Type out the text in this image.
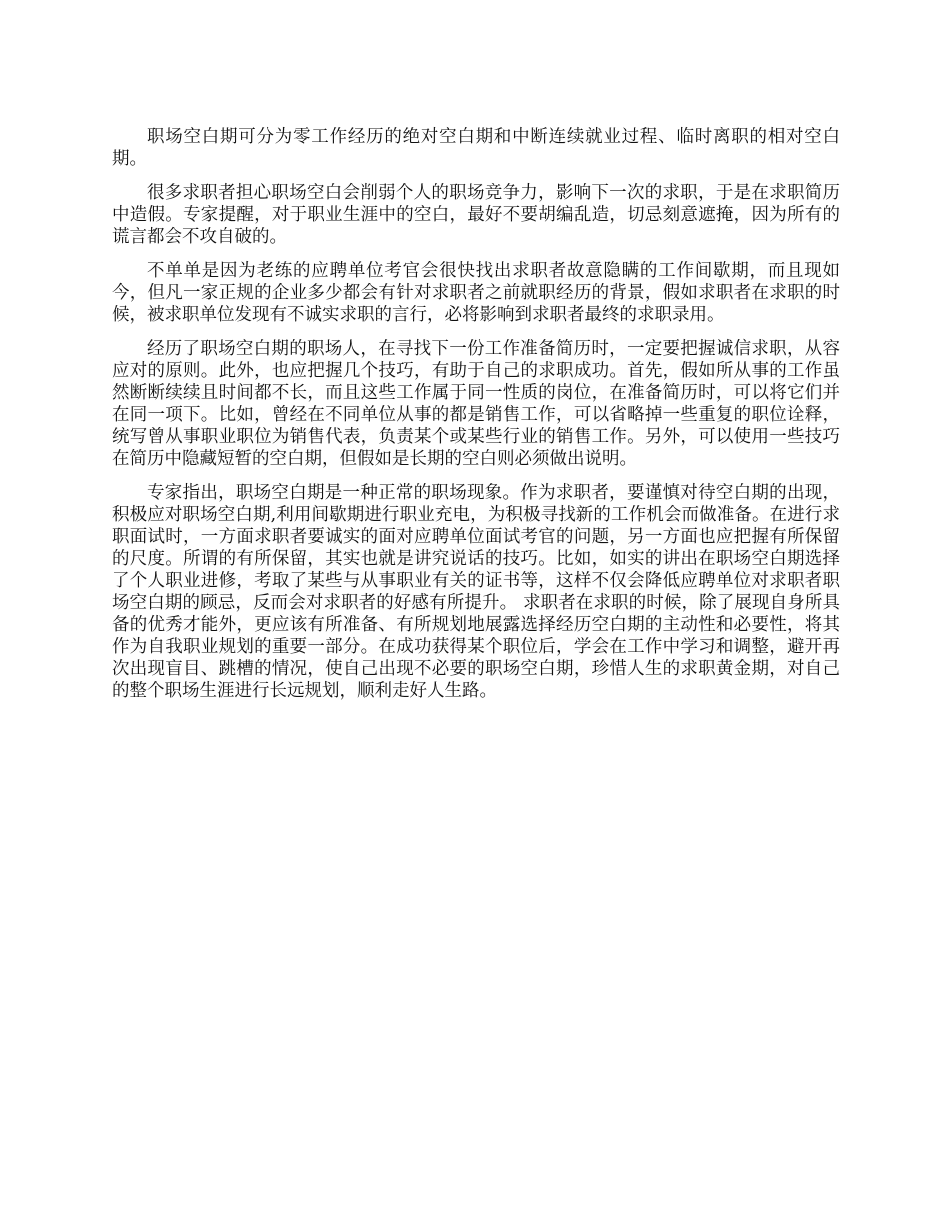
职场空白期可分为零工作经历的绝对空白期和中断连续就业过程、临时离职的相对空白期。

很多求职者担心职场空白会削弱个人的职场竞争力，影响下一次的求职，于是在求职简历中造假。专家提醒，对于职业生涯中的空白，最好不要胡编乱造，切忌刻意遮掩，因为所有的谎言都会不攻自破的。

不单单是因为老练的应聘单位考官会很快找出求职者故意隐瞒的工作间歇期，而且现如今，但凡一家正规的企业多少都会有针对求职者之前就职经历的背景，假如求职者在求职的时候，被求职单位发现有不诚实求职的言行，必将影响到求职者最终的求职录用。

经历了职场空白期的职场人，在寻找下一份工作准备简历时，一定要把握诚信求职，从容应对的原则。此外，也应把握几个技巧，有助于自己的求职成功。首先，假如所从事的工作虽然断断续续且时间都不长，而且这些工作属于同一性质的岗位，在准备简历时，可以将它们并在同一项下。比如，曾经在不同单位从事的都是销售工作，可以省略掉一些重复的职位诠释，统写曾从事职业职位为销售代表，负责某个或某些行业的销售工作。另外，可以使用一些技巧在简历中隐藏短暂的空白期，但假如是长期的空白则必须做出说明。

专家指出，职场空白期是一种正常的职场现象。作为求职者，要谨慎对待空白期的出现，积极应对职场空白期,利用间歇期进行职业充电，为积极寻找新的工作机会而做准备。在进行求职面试时，一方面求职者要诚实的面对应聘单位面试考官的问题，另一方面也应把握有所保留的尺度。所谓的有所保留，其实也就是讲究说话的技巧。比如，如实的讲出在职场空白期选择了个人职业进修，考取了某些与从事职业有关的证书等，这样不仅会降低应聘单位对求职者职场空白期的顾忌，反而会对求职者的好感有所提升。 求职者在求职的时候，除了展现自身所具备的优秀才能外，更应该有所准备、有所规划地展露选择经历空白期的主动性和必要性，将其作为自我职业规划的重要一部分。在成功获得某个职位后，学会在工作中学习和调整，避开再次出现盲目、跳槽的情况，使自己出现不必要的职场空白期，珍惜人生的求职黄金期，对自己的整个职场生涯进行长远规划，顺利走好人生路。
